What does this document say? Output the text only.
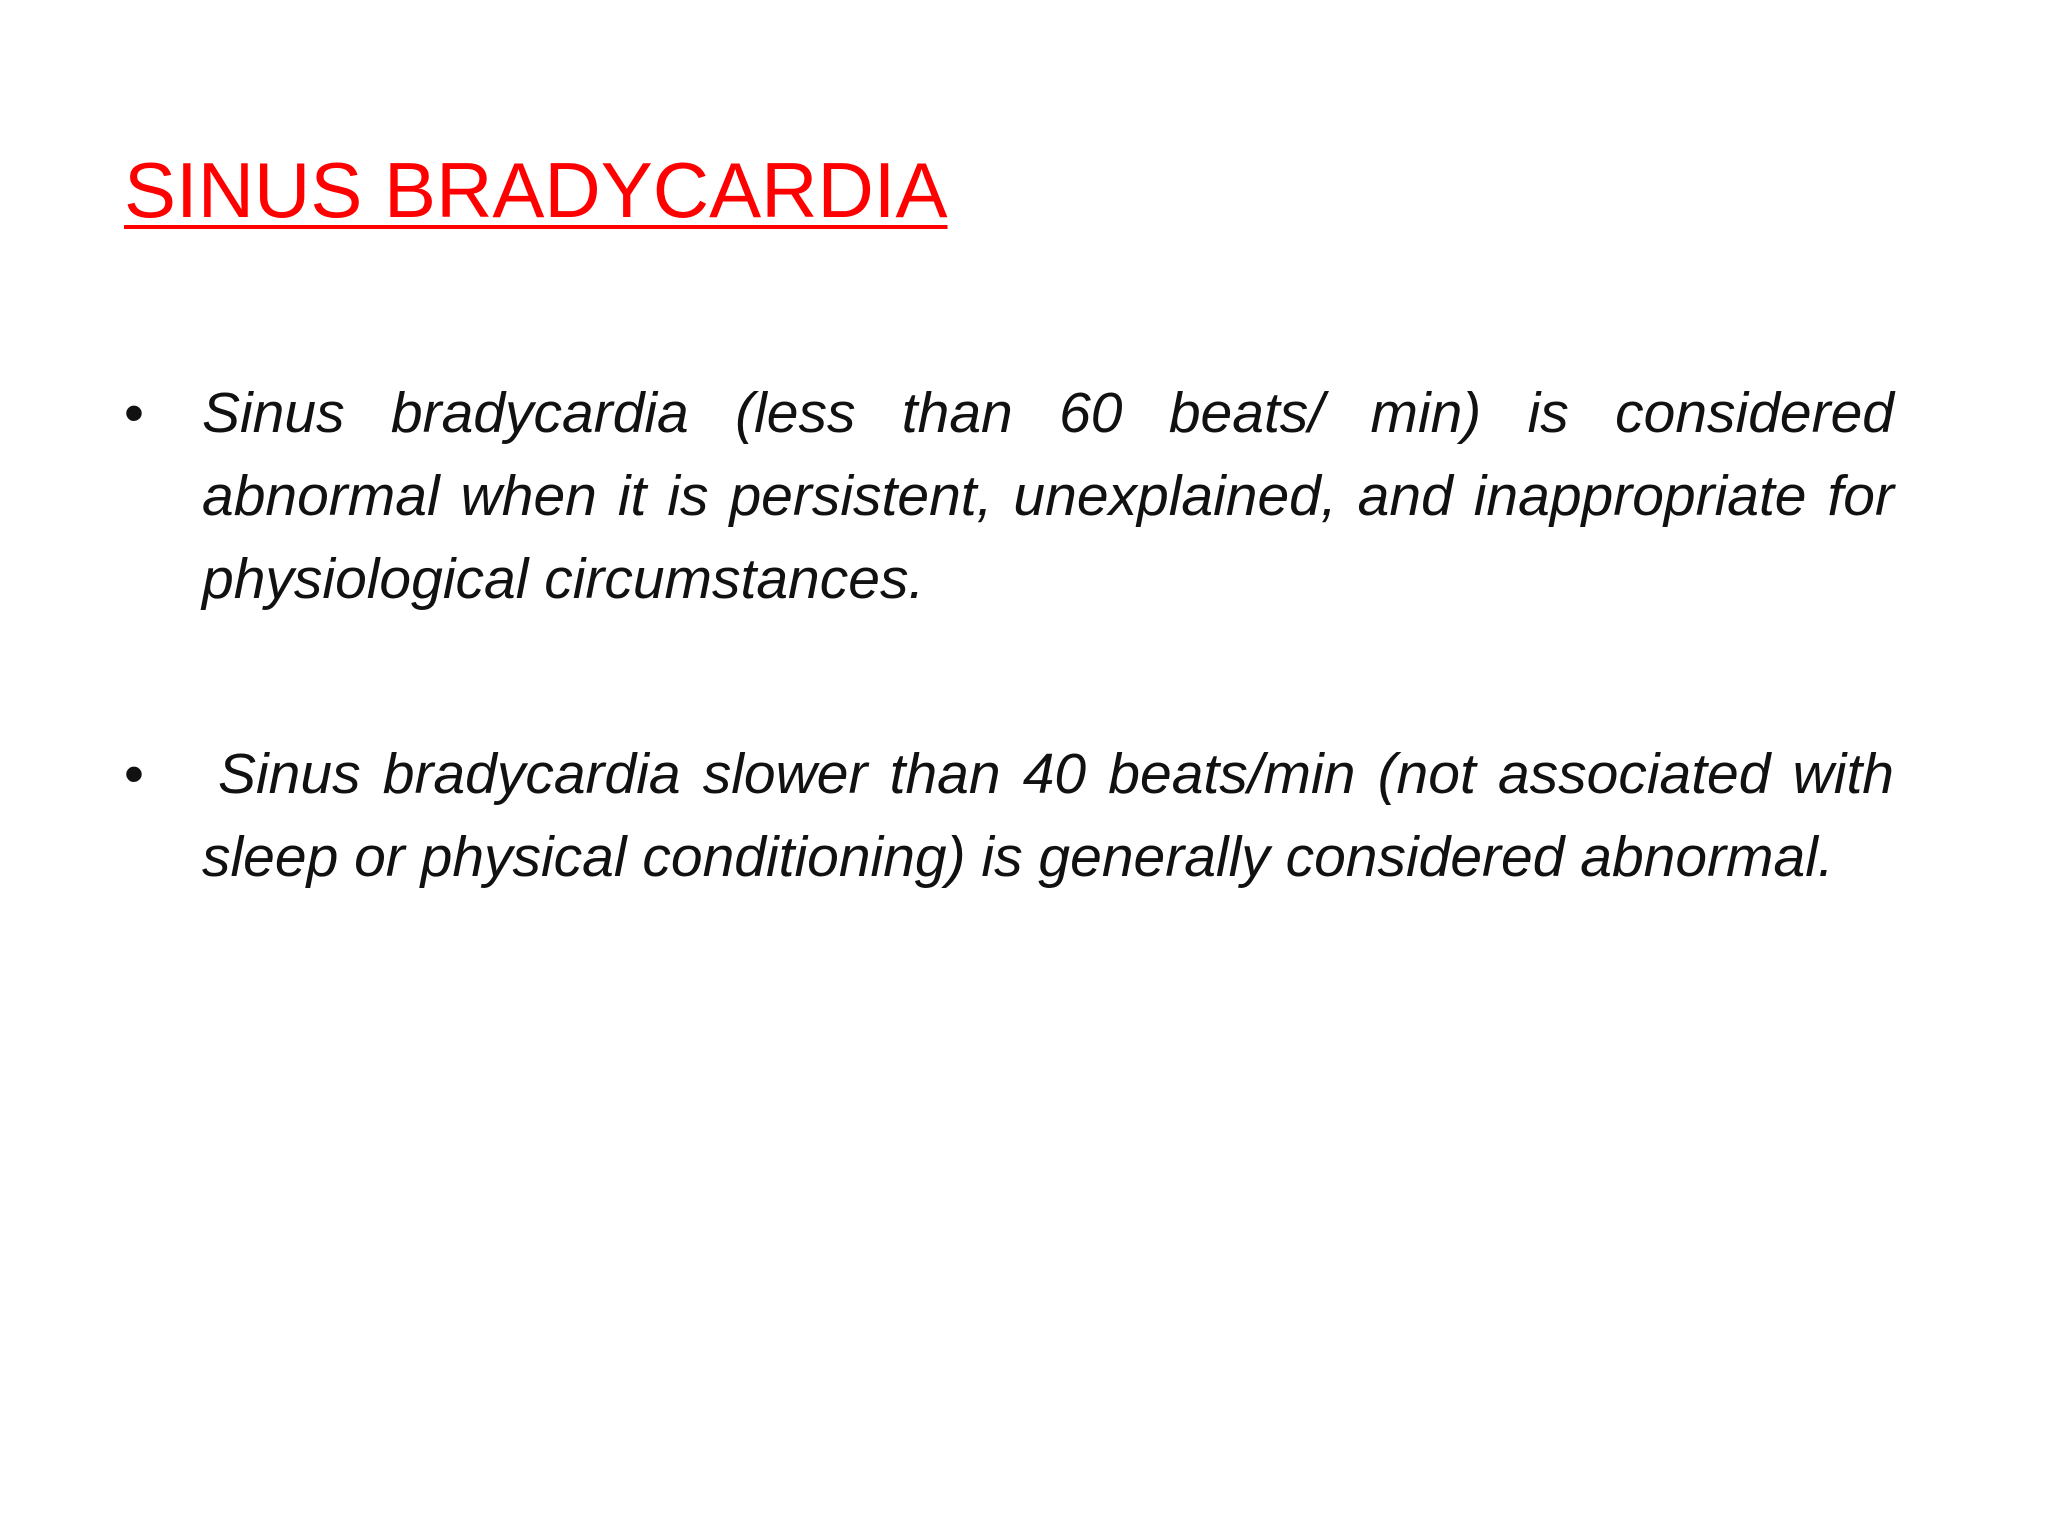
SINUS BRADYCARDIA
•	Sinus bradycardia (less than 60 beats/ min) is considered abnormal when it is persistent, unexplained, and inappropriate for physiological circumstances.
•	Sinus bradycardia slower than 40 beats/min (not associated with sleep or physical conditioning) is generally considered abnormal.
